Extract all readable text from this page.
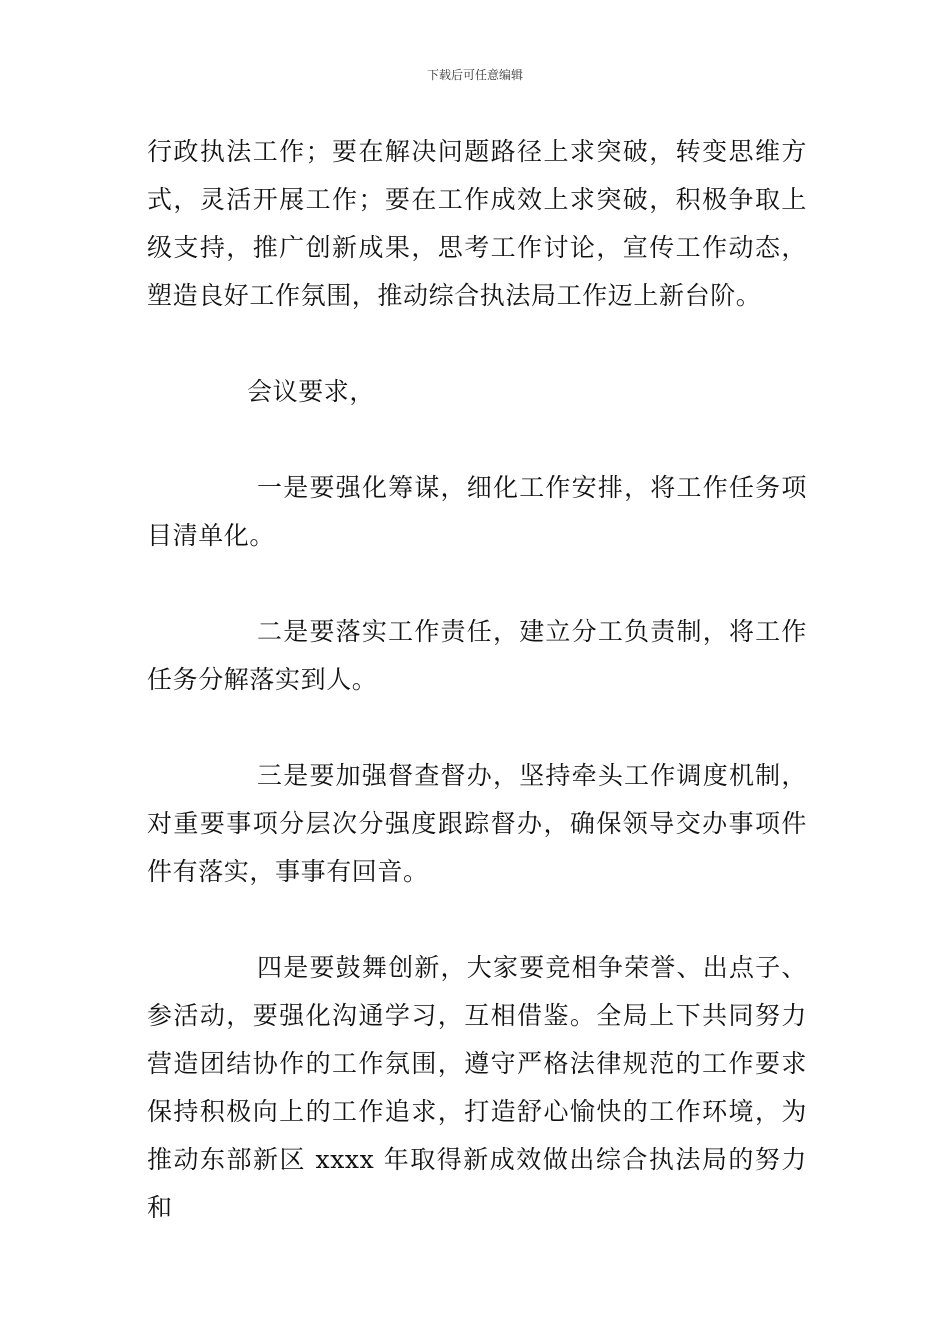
下载后可任意编辑

行政执法工作；要在解决问题路径上求突破，转变思维方式，灵活开展工作；要在工作成效上求突破，积极争取上级支持，推广创新成果，思考工作讨论，宣传工作动态，塑造良好工作氛围，推动综合执法局工作迈上新台阶。

会议要求，

一是要强化筹谋，细化工作安排，将工作任务项目清单化。

二是要落实工作责任，建立分工负责制，将工作任务分解落实到人。

三是要加强督查督办，坚持牵头工作调度机制，对重要事项分层次分强度跟踪督办，确保领导交办事项件件有落实，事事有回音。

四是要鼓舞创新，大家要竞相争荣誉、出点子、参活动，要强化沟通学习，互相借鉴。全局上下共同努力营造团结协作的工作氛围，遵守严格法律规范的工作要求保持积极向上的工作追求，打造舒心愉快的工作环境，为推动东部新区 xxxx 年取得新成效做出综合执法局的努力和
